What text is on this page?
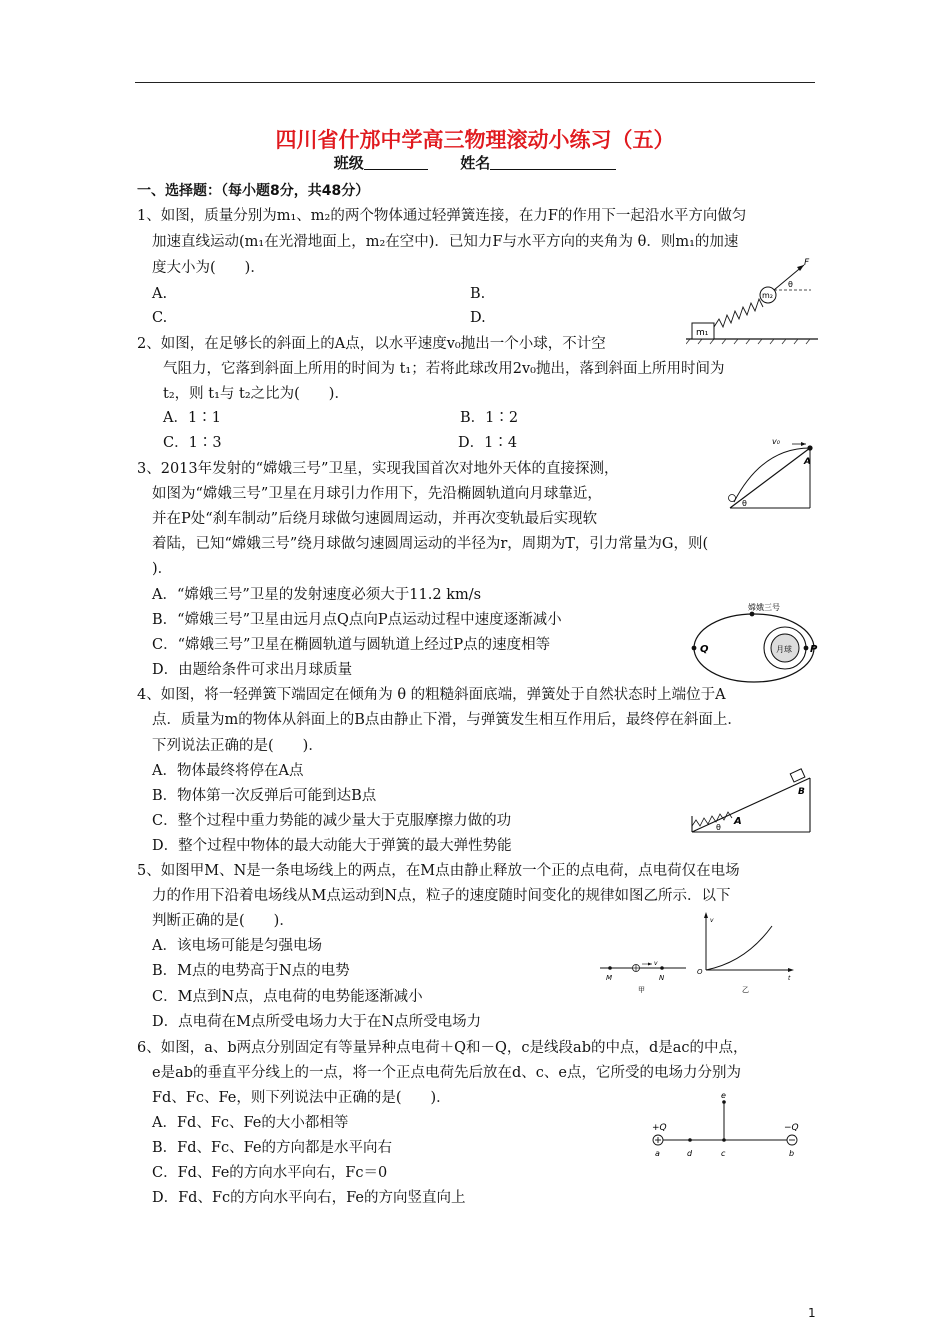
四川省什邡中学高三物理滚动小练习（五）
班级	姓名
一、选择题：（每小题8分，共48分）
1、如图，质量分别为m₁、m₂的两个物体通过轻弹簧连接，在力F的作用下一起沿水平方向做匀
加速直线运动(m₁在光滑地面上，m₂在空中)．已知力F与水平方向的夹角为 θ．则m₁的加速
度大小为(　　)．
A.	B.
C.	D.
m₁
m₂
F
θ
2、如图，在足够长的斜面上的A点，以水平速度v₀抛出一个小球，不计空
气阻力，它落到斜面上所用的时间为 t₁；若将此球改用2v₀抛出，落到斜面上所用时间为
t₂，则 t₁与 t₂之比为(　　)．
A．1∶1	B．1∶2
C．1∶3	D．1∶4	v₀
A
θ
3、2013年发射的“嫦娥三号”卫星，实现我国首次对地外天体的直接探测，
如图为“嫦娥三号”卫星在月球引力作用下，先沿椭圆轨道向月球靠近，
并在P处“刹车制动”后绕月球做匀速圆周运动，并再次变轨最后实现软
着陆，已知“嫦娥三号”绕月球做匀速圆周运动的半径为r，周期为T，引力常量为G，则(
)．
A．“嫦娥三号”卫星的发射速度必须大于11.2 km/s
B．“嫦娥三号”卫星由远月点Q点向P点运动过程中速度逐渐减小
C．“嫦娥三号”卫星在椭圆轨道与圆轨道上经过P点的速度相等
D．由题给条件可求出月球质量
月球
嫦娥三号
Q	P
4、如图，将一轻弹簧下端固定在倾角为 θ 的粗糙斜面底端，弹簧处于自然状态时上端位于A
点．质量为m的物体从斜面上的B点由静止下滑，与弹簧发生相互作用后，最终停在斜面上．
下列说法正确的是(　　)．
A．物体最终将停在A点
B．物体第一次反弹后可能到达B点
C．整个过程中重力势能的减少量大于克服摩擦力做的功
D．整个过程中物体的最大动能大于弹簧的最大弹性势能
B
A
θ
5、如图甲M、N是一条电场线上的两点，在M点由静止释放一个正的点电荷，点电荷仅在电场
力的作用下沿着电场线从M点运动到N点，粒子的速度随时间变化的规律如图乙所示．以下
判断正确的是(　　)．
A．该电场可能是匀强电场
B．M点的电势高于N点的电势
C．M点到N点，点电荷的电势能逐渐减小
D．点电荷在M点所受电场力大于在N点所受电场力
v
M	N
甲
v
O
t
乙
6、如图，a、b两点分别固定有等量异种点电荷＋Q和－Q，c是线段ab的中点，d是ac的中点，
e是ab的垂直平分线上的一点，将一个正点电荷先后放在d、c、e点，它所受的电场力分别为
Fd、Fc、Fe，则下列说法中正确的是(　　)．
A．Fd、Fc、Fe的大小都相等
B．Fd、Fc、Fe的方向都是水平向右
C．Fd、Fe的方向水平向右，Fc＝0
D．Fd、Fc的方向水平向右，Fe的方向竖直向上
+Q	−Q
e
a	d	c	b
1
